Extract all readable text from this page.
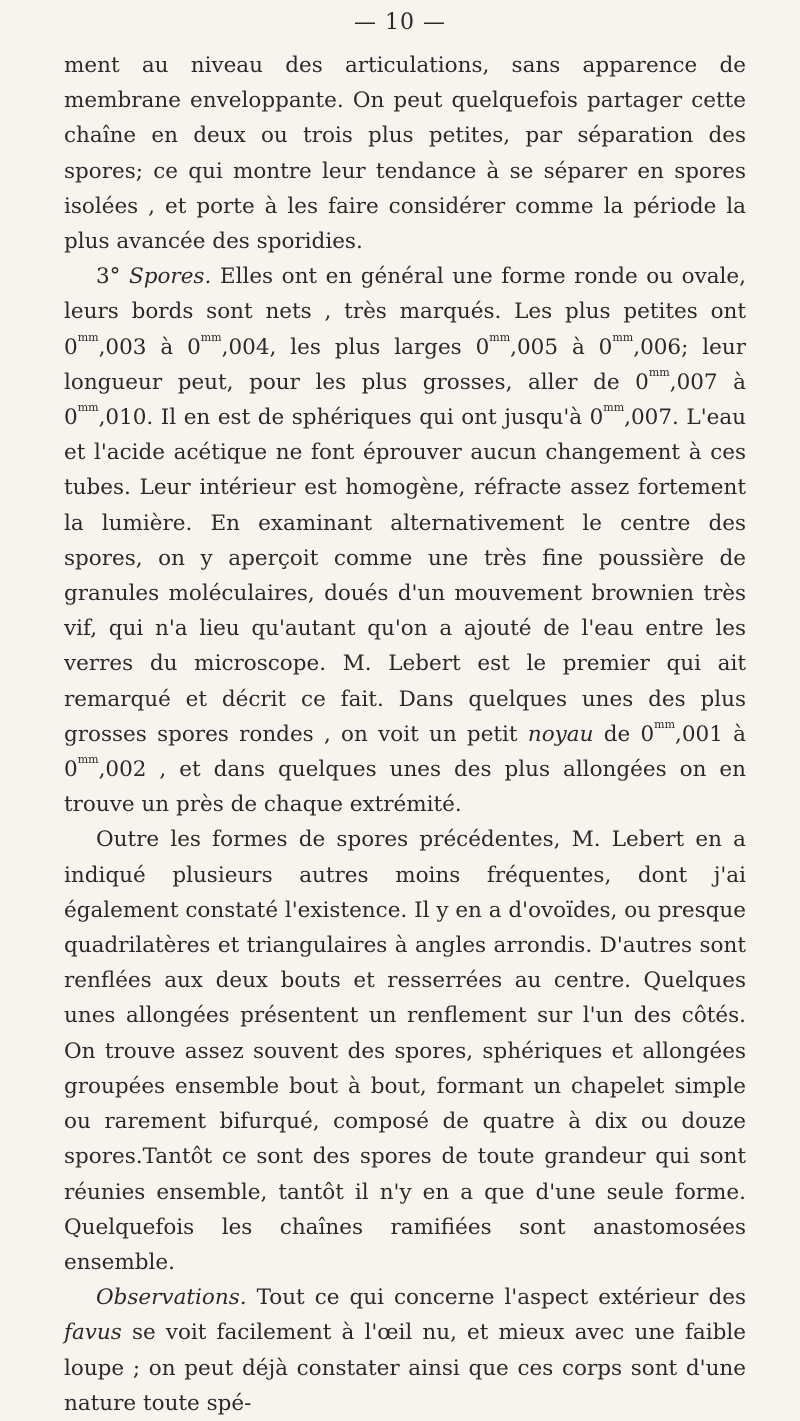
— 10 —

ment au niveau des articulations, sans apparence de membrane enveloppante. On peut quelquefois partager cette chaîne en deux ou trois plus petites, par séparation des spores; ce qui montre leur tendance à se séparer en spores isolées , et porte à les faire considérer comme la période la plus avancée des sporidies.

3° Spores. Elles ont en général une forme ronde ou ovale, leurs bords sont nets , très marqués. Les plus petites ont $0^{mm},003$ à $0^{mm},004$, les plus larges $0^{mm},005$ à $0^{mm},006$; leur longueur peut, pour les plus grosses, aller de $0^{mm},007$ à $0^{mm},010$. Il en est de sphériques qui ont jusqu'à $0^{mm},007$. L'eau et l'acide acétique ne font éprouver aucun changement à ces tubes. Leur intérieur est homogène, réfracte assez fortement la lumière. En examinant alternativement le centre des spores, on y aperçoit comme une très fine poussière de granules moléculaires, doués d'un mouvement brownien très vif, qui n'a lieu qu'autant qu'on a ajouté de l'eau entre les verres du microscope. M. Lebert est le premier qui ait remarqué et décrit ce fait. Dans quelques unes des plus grosses spores rondes , on voit un petit noyau de $0^{mm},001$ à $0^{mm},002$ , et dans quelques unes des plus allongées on en trouve un près de chaque extrémité.

Outre les formes de spores précédentes, M. Lebert en a indiqué plusieurs autres moins fréquentes, dont j'ai également constaté l'existence. Il y en a d'ovoïdes, ou presque quadrilatères et triangulaires à angles arrondis. D'autres sont renflées aux deux bouts et resserrées au centre. Quelques unes allongées présentent un renflement sur l'un des côtés. On trouve assez souvent des spores, sphériques et allongées groupées ensemble bout à bout, formant un chapelet simple ou rarement bifurqué, composé de quatre à dix ou douze spores.Tantôt ce sont des spores de toute grandeur qui sont réunies ensemble, tantôt il n'y en a que d'une seule forme. Quelquefois les chaînes ramifiées sont anastomosées ensemble.

Observations. Tout ce qui concerne l'aspect extérieur des favus se voit facilement à l'œil nu, et mieux avec une faible loupe ; on peut déjà constater ainsi que ces corps sont d'une nature toute spé-
